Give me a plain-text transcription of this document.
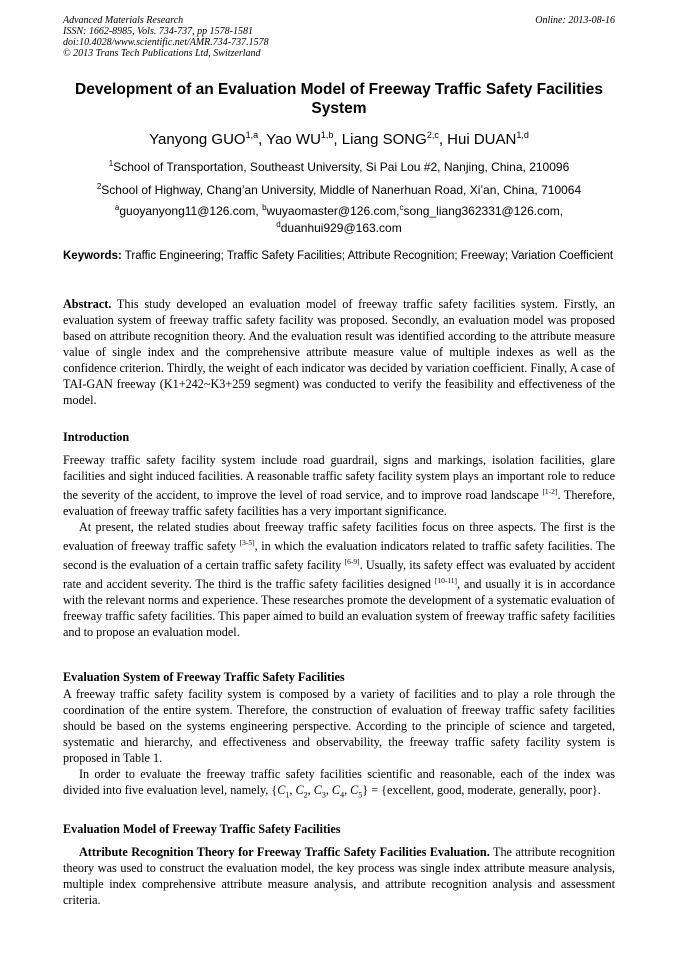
Advanced Materials Research
ISSN: 1662-8985, Vols. 734-737, pp 1578-1581
doi:10.4028/www.scientific.net/AMR.734-737.1578
© 2013 Trans Tech Publications Ltd, Switzerland
Online: 2013-08-16
Development of an Evaluation Model of Freeway Traffic Safety Facilities System
Yanyong GUO$^{1,a}$, Yao WU$^{1,b}$, Liang SONG$^{2,c}$, Hui DUAN$^{1,d}$
$^1$School of Transportation, Southeast University, Si Pai Lou #2, Nanjing, China, 210096
$^2$School of Highway, Chang’an University, Middle of Nanerhuan Road, Xi’an, China, 710064
$^a$guoyanyong11@126.com, $^b$wuyaomaster@126.com,$^c$song_liang362331@126.com,
$^d$duanhui929@163.com
Keywords: Traffic Engineering; Traffic Safety Facilities; Attribute Recognition; Freeway; Variation Coefficient

Abstract. This study developed an evaluation model of freeway traffic safety facilities system. Firstly, an evaluation system of freeway traffic safety facility was proposed. Secondly, an evaluation model was proposed based on attribute recognition theory. And the evaluation result was identified according to the attribute measure value of single index and the comprehensive attribute measure value of multiple indexes as well as the confidence criterion. Thirdly, the weight of each indicator was decided by variation coefficient. Finally, A case of TAI-GAN freeway (K1+242~K3+259 segment) was conducted to verify the feasibility and effectiveness of the model.

Introduction

Freeway traffic safety facility system include road guardrail, signs and markings, isolation facilities, glare facilities and sight induced facilities. A reasonable traffic safety facility system plays an important role to reduce the severity of the accident, to improve the level of road service, and to improve road landscape [1-2]. Therefore, evaluation of freeway traffic safety facilities has a very important significance.

At present, the related studies about freeway traffic safety facilities focus on three aspects. The first is the evaluation of freeway traffic safety [3-5], in which the evaluation indicators related to traffic safety facilities. The second is the evaluation of a certain traffic safety facility [6-9]. Usually, its safety effect was evaluated by accident rate and accident severity. The third is the traffic safety facilities designed [10-11], and usually it is in accordance with the relevant norms and experience. These researches promote the development of a systematic evaluation of freeway traffic safety facilities. This paper aimed to build an evaluation system of freeway traffic safety facilities and to propose an evaluation model.

Evaluation System of Freeway Traffic Safety Facilities

A freeway traffic safety facility system is composed by a variety of facilities and to play a role through the coordination of the entire system. Therefore, the construction of evaluation of freeway traffic safety facilities should be based on the systems engineering perspective. According to the principle of science and targeted, systematic and hierarchy, and effectiveness and observability, the freeway traffic safety facility system is proposed in Table 1.

In order to evaluate the freeway traffic safety facilities scientific and reasonable, each of the index was divided into five evaluation level, namely, {$C_1$, $C_2$, $C_3$, $C_4$, $C_5$} = {excellent, good, moderate, generally, poor}.

Evaluation Model of Freeway Traffic Safety Facilities

Attribute Recognition Theory for Freeway Traffic Safety Facilities Evaluation. The attribute recognition theory was used to construct the evaluation model, the key process was single index attribute measure analysis, multiple index comprehensive attribute measure analysis, and attribute recognition analysis and assessment criteria.
